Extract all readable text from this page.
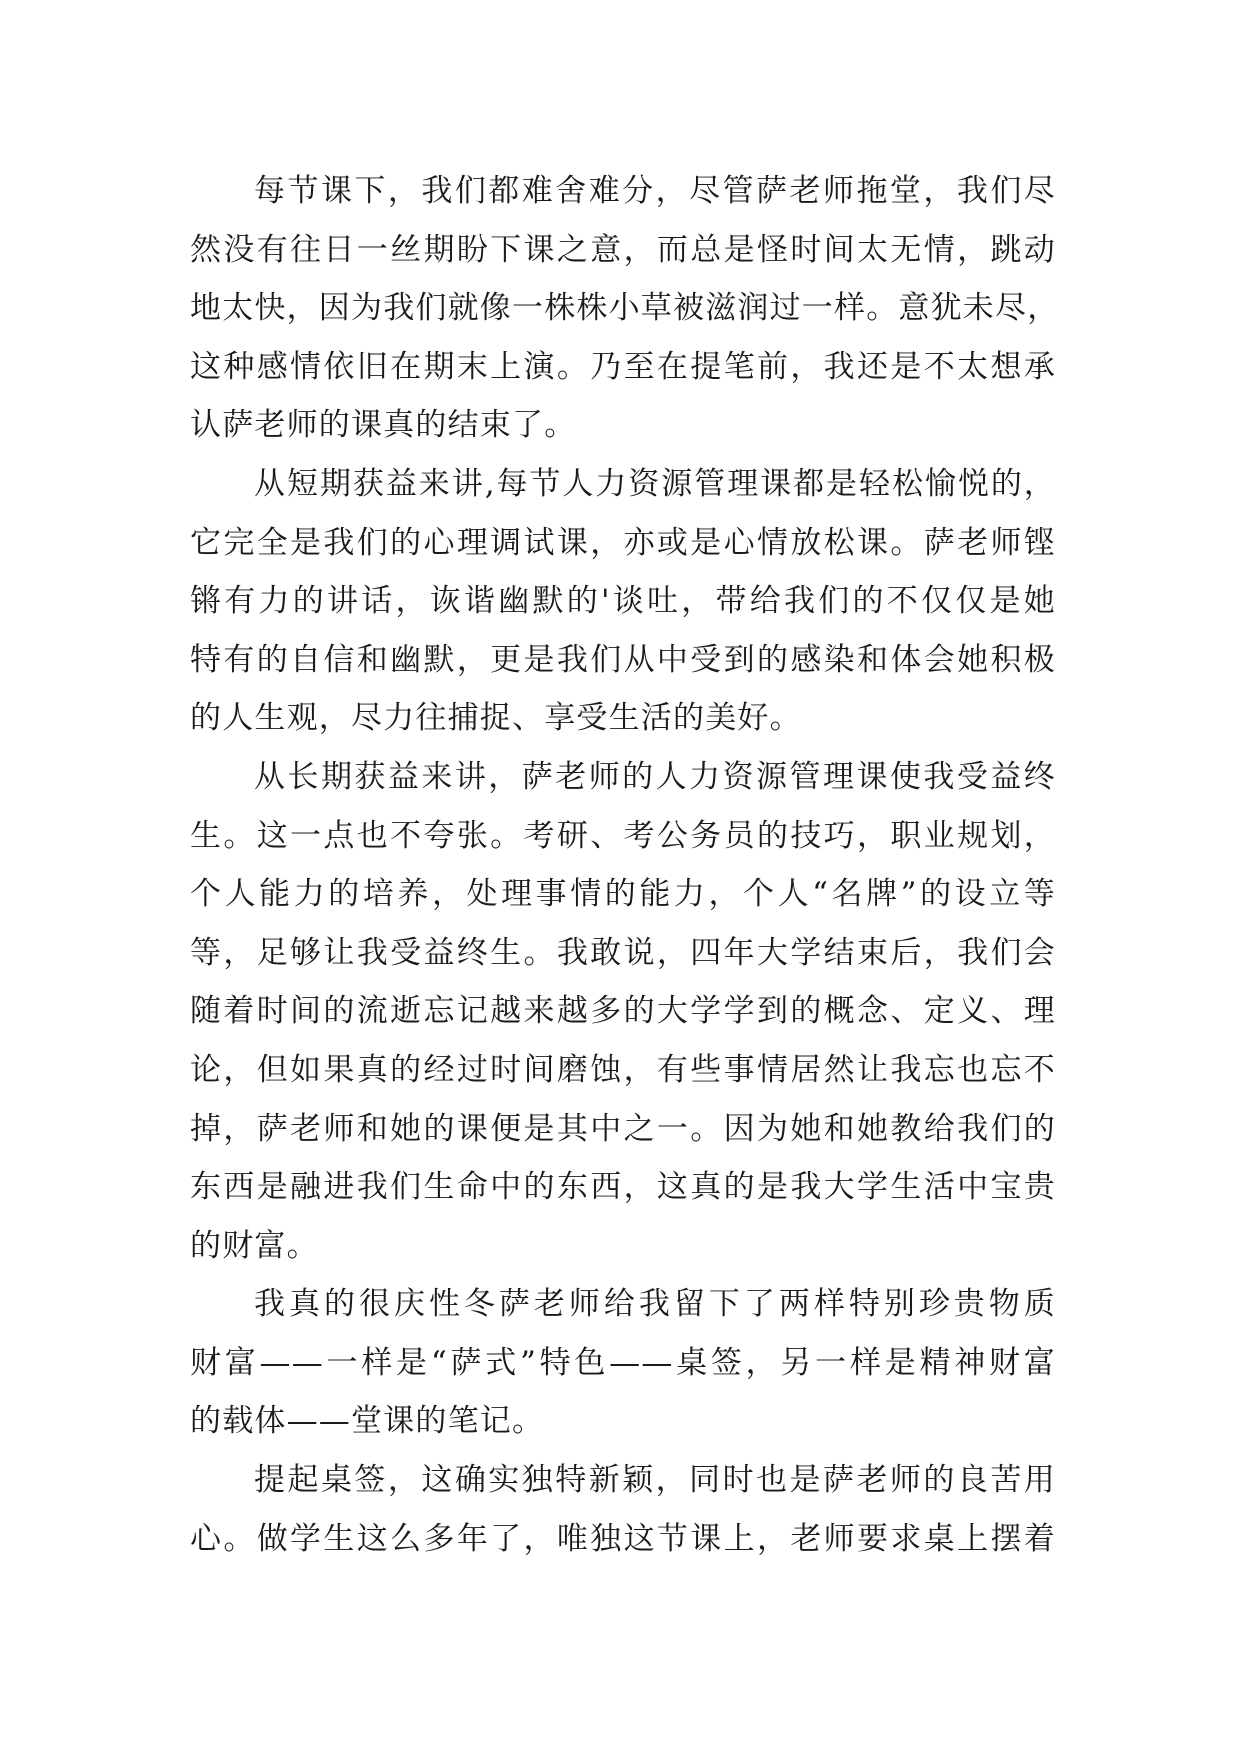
每节课下，我们都难舍难分，尽管萨老师拖堂，我们尽
然没有往日一丝期盼下课之意，而总是怪时间太无情，跳动
地太快，因为我们就像一株株小草被滋润过一样。意犹未尽，
这种感情依旧在期末上演。乃至在提笔前，我还是不太想承
认萨老师的课真的结束了。
从短期获益来讲,每节人力资源管理课都是轻松愉悦的，
它完全是我们的心理调试课，亦或是心情放松课。萨老师铿
锵有力的讲话，诙谐幽默的'谈吐，带给我们的不仅仅是她
特有的自信和幽默，更是我们从中受到的感染和体会她积极
的人生观，尽力往捕捉、享受生活的美好。
从长期获益来讲，萨老师的人力资源管理课使我受益终
生。这一点也不夸张。考研、考公务员的技巧，职业规划，
个人能力的培养，处理事情的能力，个人“名牌”的设立等
等，足够让我受益终生。我敢说，四年大学结束后，我们会
随着时间的流逝忘记越来越多的大学学到的概念、定义、理
论，但如果真的经过时间磨蚀，有些事情居然让我忘也忘不
掉，萨老师和她的课便是其中之一。因为她和她教给我们的
东西是融进我们生命中的东西，这真的是我大学生活中宝贵
的财富。
我真的很庆性冬萨老师给我留下了两样特别珍贵物质
财富——一样是“萨式”特色——桌签，另一样是精神财富
的载体——堂课的笔记。
提起桌签，这确实独特新颖，同时也是萨老师的良苦用
心。做学生这么多年了，唯独这节课上，老师要求桌上摆着
